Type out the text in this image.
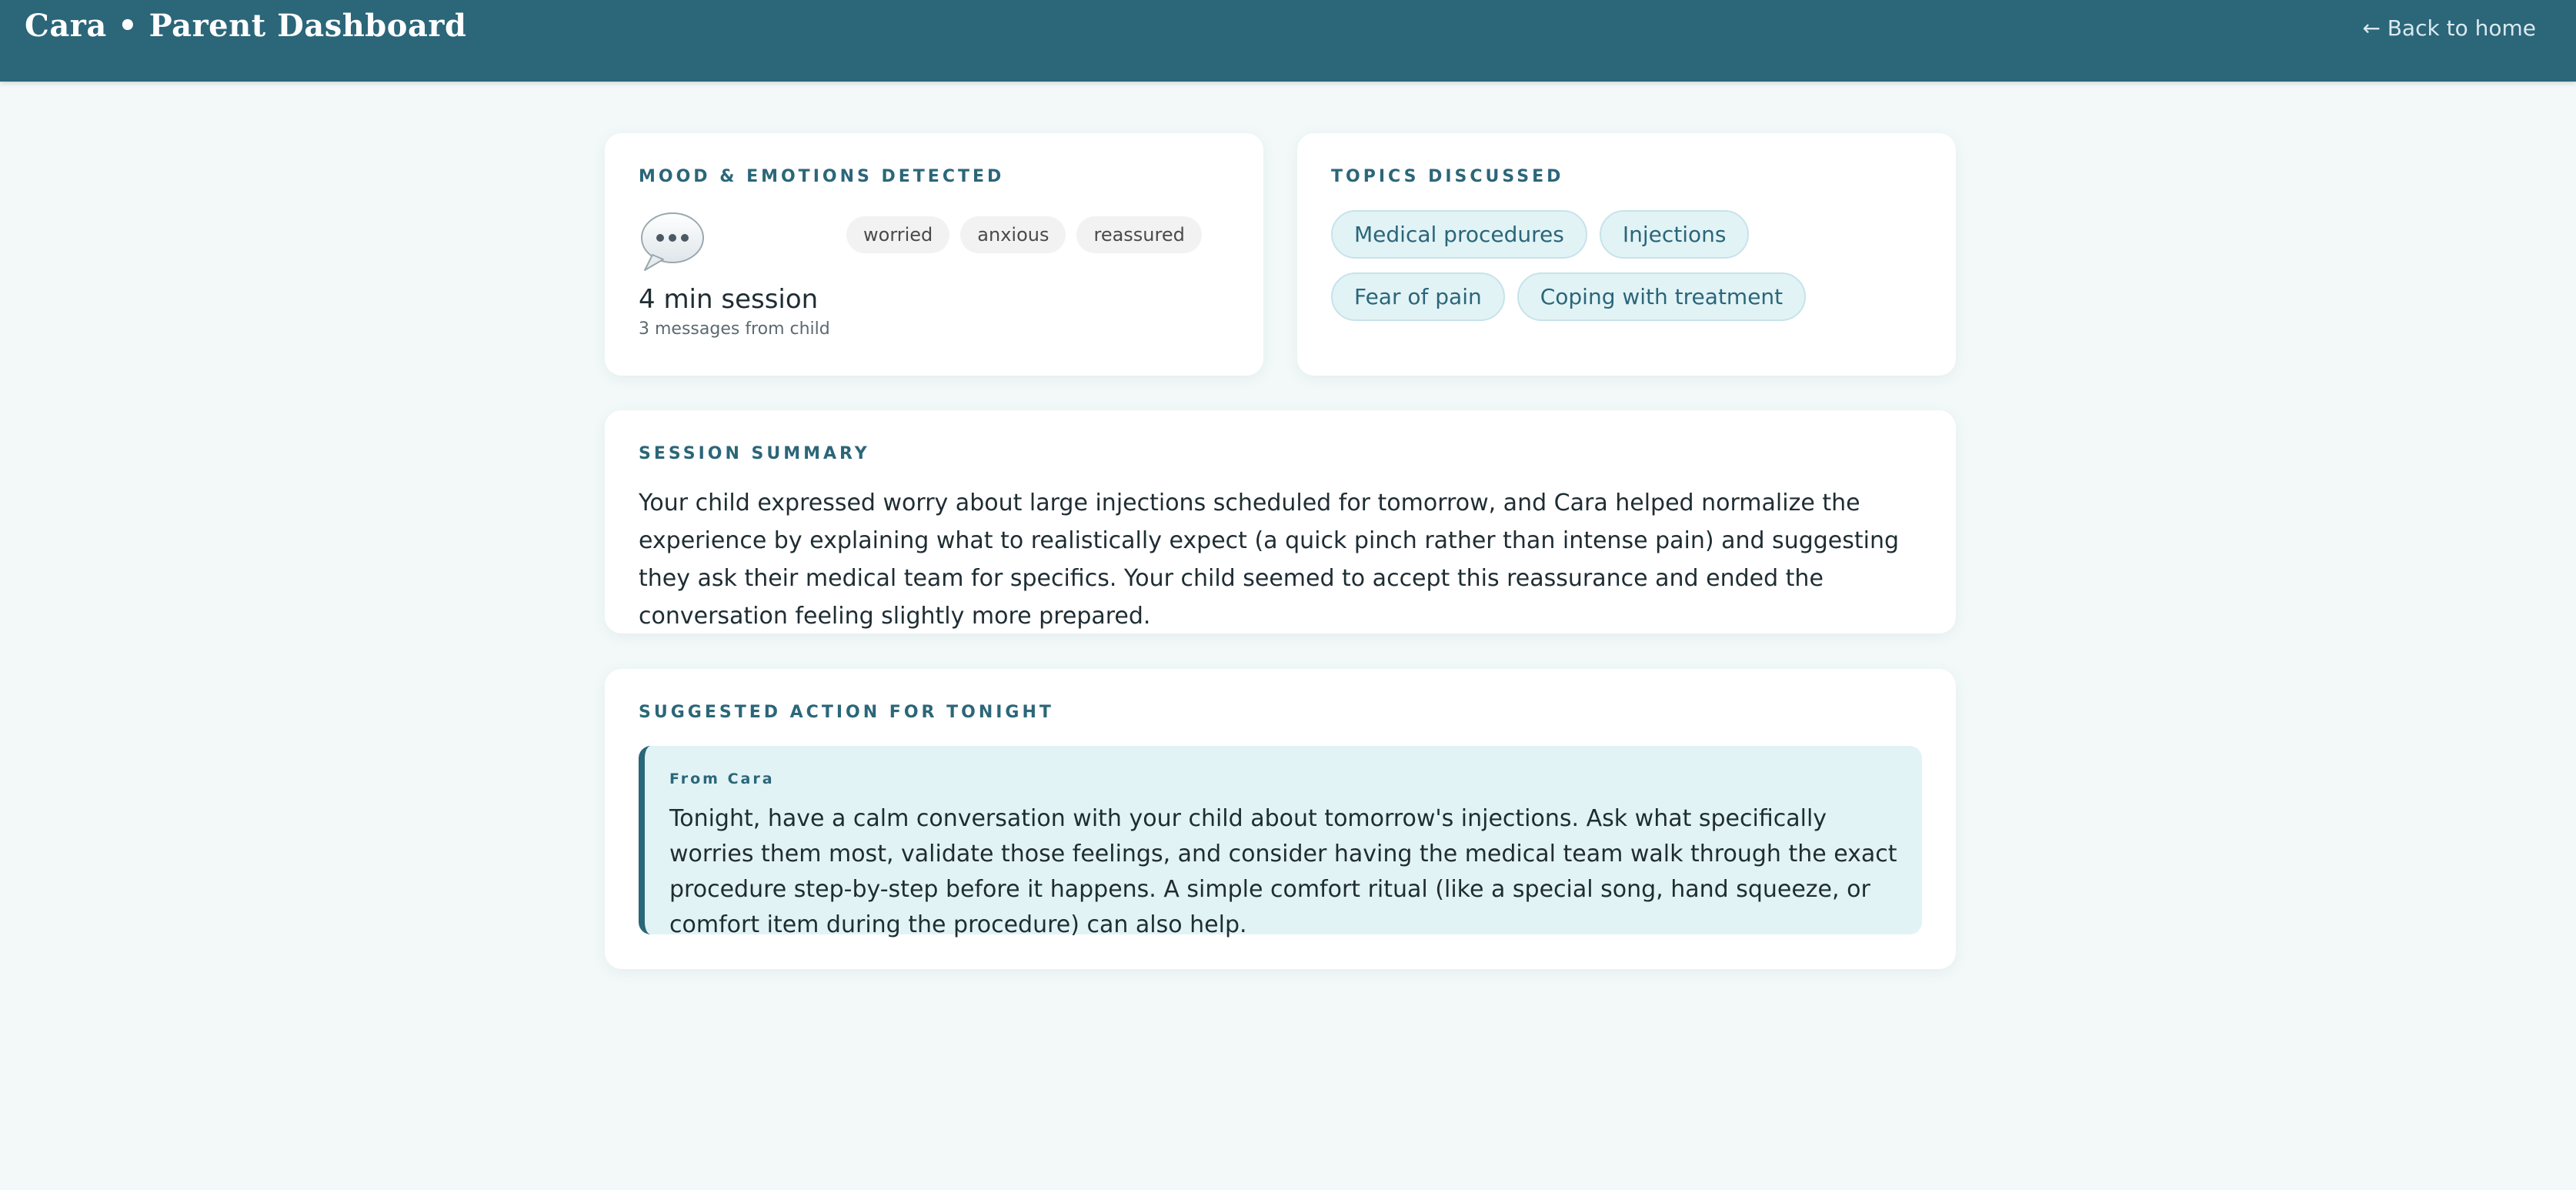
Cara • Parent Dashboard	← Back to home
MOOD & EMOTIONS DETECTED
worried	anxious	reassured
4 min session
3 messages from child
TOPICS DISCUSSED
Medical procedures	Injections
Fear of pain	Coping with treatment
SESSION SUMMARY
Your child expressed worry about large injections scheduled for tomorrow, and Cara helped normalize the experience by explaining what to realistically expect (a quick pinch rather than intense pain) and suggesting they ask their medical team for specifics. Your child seemed to accept this reassurance and ended the conversation feeling slightly more prepared.
SUGGESTED ACTION FOR TONIGHT
From Cara
Tonight, have a calm conversation with your child about tomorrow's injections. Ask what specifically worries them most, validate those feelings, and consider having the medical team walk through the exact procedure step-by-step before it happens. A simple comfort ritual (like a special song, hand squeeze, or comfort item during the procedure) can also help.
